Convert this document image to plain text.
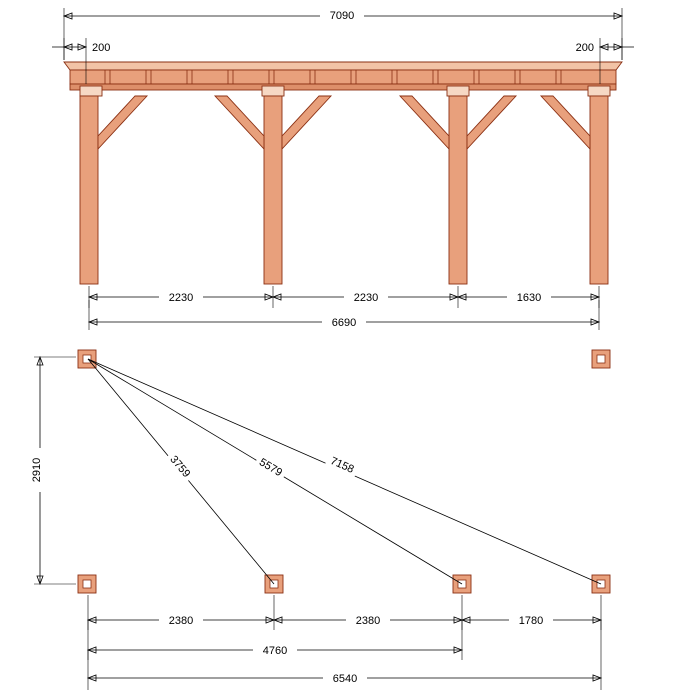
7090
200	200
2230	2230	1630
6690
3759	5579	7158
2910
2380	2380	1780
4760
6540
